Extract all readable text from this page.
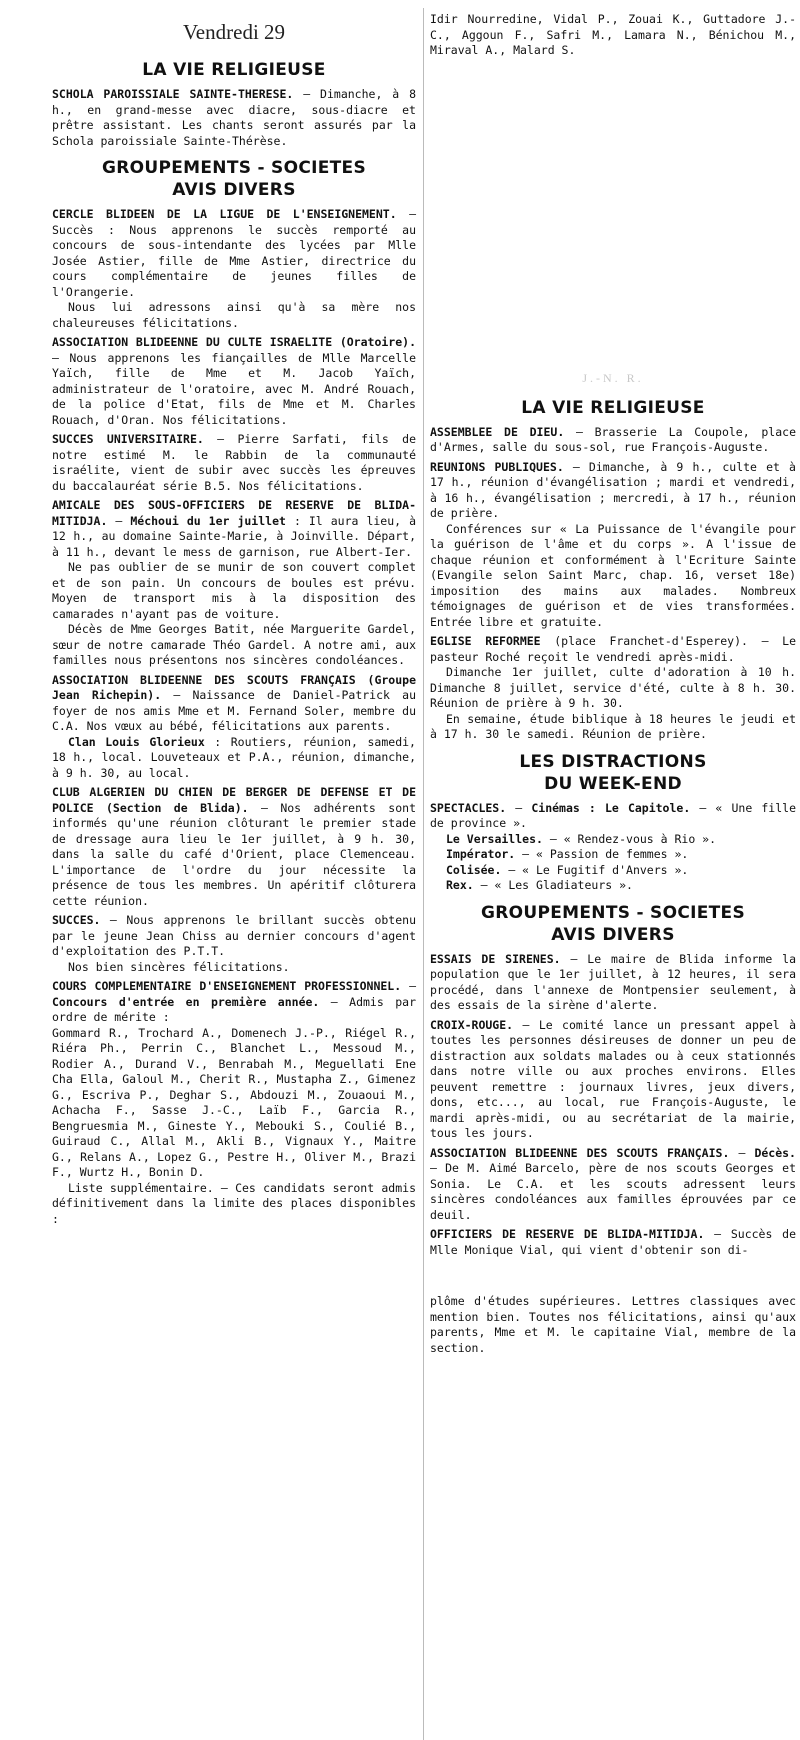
Vendredi 29
LA VIE RELIGIEUSE
SCHOLA PAROISSIALE SAINTE-THERESE. — Dimanche, à 8 h., en grand-messe avec diacre, sous-diacre et prêtre assistant. Les chants seront assurés par la Schola paroissiale Sainte-Thérèse.
GROUPEMENTS - SOCIETES
AVIS DIVERS
CERCLE BLIDEEN DE LA LIGUE DE L'ENSEIGNEMENT. — Succès : Nous apprenons le succès remporté au concours de sous-intendante des lycées par Mlle Josée Astier, fille de Mme Astier, directrice du cours complémentaire de jeunes filles de l'Orangerie.
Nous lui adressons ainsi qu'à sa mère nos chaleureuses félicitations.
ASSOCIATION BLIDEENNE DU CULTE ISRAELITE (Oratoire). — Nous apprenons les fiançailles de Mlle Marcelle Yaïch, fille de Mme et M. Jacob Yaïch, administrateur de l'oratoire, avec M. André Rouach, de la police d'Etat, fils de Mme et M. Charles Rouach, d'Oran. Nos félicitations.
SUCCES UNIVERSITAIRE. — Pierre Sarfati, fils de notre estimé M. le Rabbin de la communauté israélite, vient de subir avec succès les épreuves du baccalauréat série B.5. Nos félicitations.
AMICALE DES SOUS-OFFICIERS DE RESERVE DE BLIDA-MITIDJA. — Méchoui du 1er juillet : Il aura lieu, à 12 h., au domaine Sainte-Marie, à Joinville. Départ, à 11 h., devant le mess de garnison, rue Albert-Ier.
Ne pas oublier de se munir de son couvert complet et de son pain. Un concours de boules est prévu. Moyen de transport mis à la disposition des camarades n'ayant pas de voiture.
Décès de Mme Georges Batit, née Marguerite Gardel, sœur de notre camarade Théo Gardel. A notre ami, aux familles nous présentons nos sincères condoléances.
ASSOCIATION BLIDEENNE DES SCOUTS FRANÇAIS (Groupe Jean Richepin). — Naissance de Daniel-Patrick au foyer de nos amis Mme et M. Fernand Soler, membre du C.A. Nos vœux au bébé, félicitations aux parents.
Clan Louis Glorieux : Routiers, réunion, samedi, 18 h., local. Louveteaux et P.A., réunion, dimanche, à 9 h. 30, au local.
CLUB ALGERIEN DU CHIEN DE BERGER DE DEFENSE ET DE POLICE (Section de Blida). — Nos adhérents sont informés qu'une réunion clôturant le premier stade de dressage aura lieu le 1er juillet, à 9 h. 30, dans la salle du café d'Orient, place Clemenceau. L'importance de l'ordre du jour nécessite la présence de tous les membres. Un apéritif clôturera cette réunion.
SUCCES. — Nous apprenons le brillant succès obtenu par le jeune Jean Chiss au dernier concours d'agent d'exploitation des P.T.T.
Nos bien sincères félicitations.
COURS COMPLEMENTAIRE D'ENSEIGNEMENT PROFESSIONNEL. — Concours d'entrée en première année. — Admis par ordre de mérite :
Gommard R., Trochard A., Domenech J.-P., Riégel R., Riéra Ph., Perrin C., Blanchet L., Messoud M., Rodier A., Durand V., Benrabah M., Meguellati Ene Cha Ella, Galoul M., Cherit R., Mustapha Z., Gimenez G., Escriva P., Deghar S., Abdouzi M., Zouaoui M., Achacha F., Sasse J.-C., Laïb F., Garcia R., Bengruesmia M., Gineste Y., Mebouki S., Coulié B., Guiraud C., Allal M., Akli B., Vignaux Y., Maitre G., Relans A., Lopez G., Pestre H., Oliver M., Brazi F., Wurtz H., Bonin D.
Liste supplémentaire. — Ces candidats seront admis définitivement dans la limite des places disponibles :
Idir Nourredine, Vidal P., Zouai K., Guttadore J.-C., Aggoun F., Safri M., Lamara N., Bénichou M., Miraval A., Malard S.
J.-N. R.
LA VIE RELIGIEUSE
ASSEMBLEE DE DIEU. — Brasserie La Coupole, place d'Armes, salle du sous-sol, rue François-Auguste.
REUNIONS PUBLIQUES. — Dimanche, à 9 h., culte et à 17 h., réunion d'évangélisation ; mardi et vendredi, à 16 h., évangélisation ; mercredi, à 17 h., réunion de prière.
Conférences sur « La Puissance de l'évangile pour la guérison de l'âme et du corps ». A l'issue de chaque réunion et conformément à l'Ecriture Sainte (Evangile selon Saint Marc, chap. 16, verset 18e) imposition des mains aux malades. Nombreux témoignages de guérison et de vies transformées. Entrée libre et gratuite.
EGLISE REFORMEE (place Franchet-d'Esperey). — Le pasteur Roché reçoit le vendredi après-midi.
Dimanche 1er juillet, culte d'adoration à 10 h. Dimanche 8 juillet, service d'été, culte à 8 h. 30. Réunion de prière à 9 h. 30.
En semaine, étude biblique à 18 heures le jeudi et à 17 h. 30 le samedi. Réunion de prière.
LES DISTRACTIONS
DU WEEK-END
SPECTACLES. — Cinémas : Le Capitole. — « Une fille de province ».
Le Versailles. — « Rendez-vous à Rio ».
Impérator. — « Passion de femmes ».
Colisée. — « Le Fugitif d'Anvers ».
Rex. — « Les Gladiateurs ».
GROUPEMENTS - SOCIETES
AVIS DIVERS
ESSAIS DE SIRENES. — Le maire de Blida informe la population que le 1er juillet, à 12 heures, il sera procédé, dans l'annexe de Montpensier seulement, à des essais de la sirène d'alerte.
CROIX-ROUGE. — Le comité lance un pressant appel à toutes les personnes désireuses de donner un peu de distraction aux soldats malades ou à ceux stationnés dans notre ville ou aux proches environs. Elles peuvent remettre : journaux livres, jeux divers, dons, etc..., au local, rue François-Auguste, le mardi après-midi, ou au secrétariat de la mairie, tous les jours.
ASSOCIATION BLIDEENNE DES SCOUTS FRANÇAIS. — Décès. — De M. Aimé Barcelo, père de nos scouts Georges et Sonia. Le C.A. et les scouts adressent leurs sincères condoléances aux familles éprouvées par ce deuil.
OFFICIERS DE RESERVE DE BLIDA-MITIDJA. — Succès de Mlle Monique Vial, qui vient d'obtenir son di-
plôme d'études supérieures. Lettres classiques avec mention bien. Toutes nos félicitations, ainsi qu'aux parents, Mme et M. le capitaine Vial, membre de la section.
